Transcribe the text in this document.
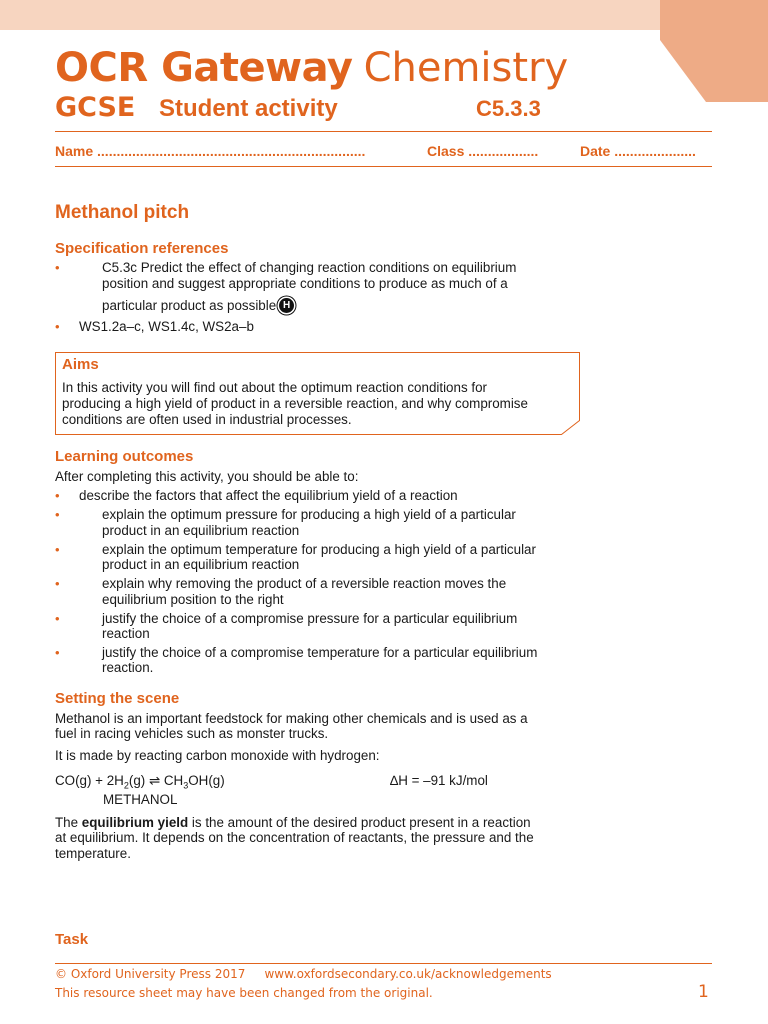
OCR Gateway Chemistry
GCSE Student activity	C5.3.3
Name .....................................................................	Class ..................	Date .....................
Methanol pitch
Specification references
•	C5.3c Predict the effect of changing reaction conditions on equilibrium
position and suggest appropriate conditions to produce as much of a
particular product as possible H
• WS1.2a–c, WS1.4c, WS2a–b
Aims
In this activity you will find out about the optimum reaction conditions for
producing a high yield of product in a reversible reaction, and why compromise
conditions are often used in industrial processes.
Learning outcomes
After completing this activity, you should be able to:
• describe the factors that affect the equilibrium yield of a reaction
•	explain the optimum pressure for producing a high yield of a particular
product in an equilibrium reaction
•	explain the optimum temperature for producing a high yield of a particular
product in an equilibrium reaction
•	explain why removing the product of a reversible reaction moves the
equilibrium position to the right
•	justify the choice of a compromise pressure for a particular equilibrium
reaction
•	justify the choice of a compromise temperature for a particular equilibrium
reaction.
Setting the scene
Methanol is an important feedstock for making other chemicals and is used as a
fuel in racing vehicles such as monster trucks.
It is made by reacting carbon monoxide with hydrogen:
$CO(g) + 2H_2(g)$ ⇌ $CH_3OH(g)$	∆H = –91 kJ/mol
METHANOL
The equilibrium yield is the amount of the desired product present in a reaction
at equilibrium. It depends on the concentration of reactants, the pressure and the
temperature.
Task
© Oxford University Press 2017 www.oxfordsecondary.co.uk/acknowledgements
This resource sheet may have been changed from the original.	1
